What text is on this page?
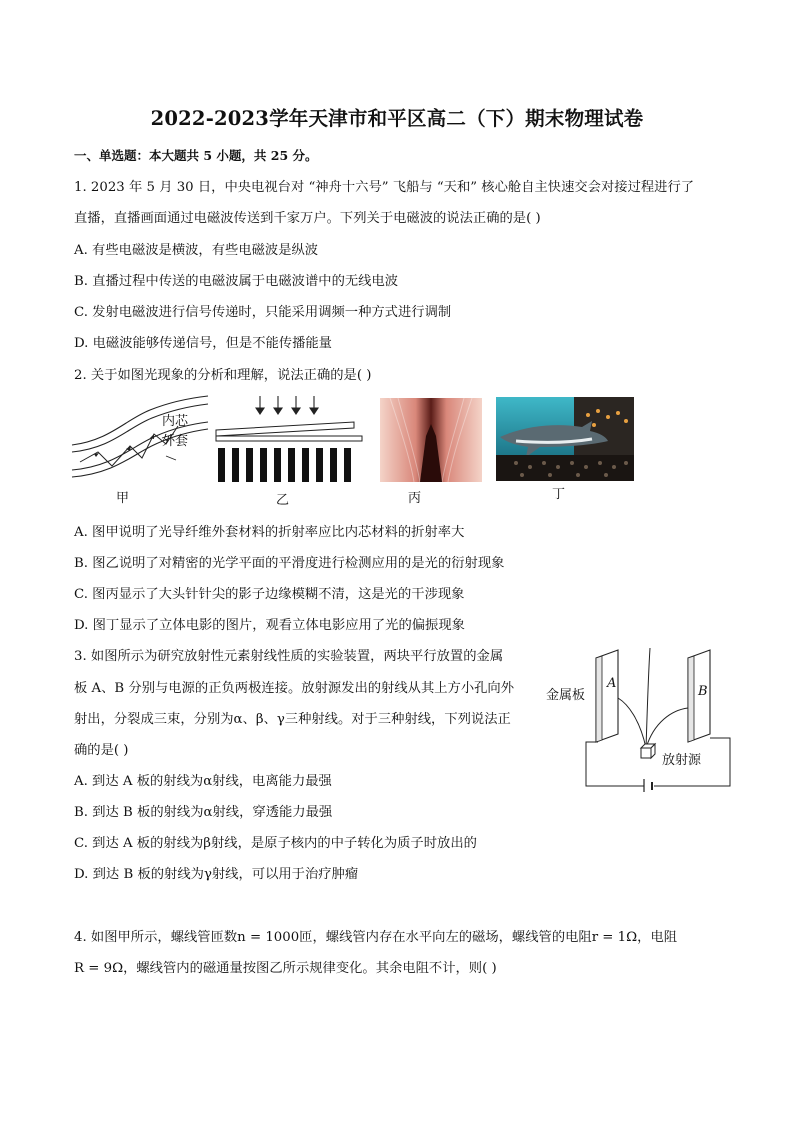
2022-2023学年天津市和平区高二（下）期末物理试卷
一、单选题：本大题共 5 小题，共 25 分。
1. 2023 年 5 月 30 日，中央电视台对 “神舟十六号” 飞船与 “天和” 核心舱自主快速交会对接过程进行了
直播，直播画面通过电磁波传送到千家万户。下列关于电磁波的说法正确的是( )
A. 有些电磁波是横波，有些电磁波是纵波
B. 直播过程中传送的电磁波属于电磁波谱中的无线电波
C. 发射电磁波进行信号传递时，只能采用调频一种方式进行调制
D. 电磁波能够传递信号，但是不能传播能量
2. 关于如图光现象的分析和理解，说法正确的是( )
内芯
外套
甲	乙	丙	丁
A. 图甲说明了光导纤维外套材料的折射率应比内芯材料的折射率大
B. 图乙说明了对精密的光学平面的平滑度进行检测应用的是光的衍射现象
C. 图丙显示了大头针针尖的影子边缘模糊不清，这是光的干涉现象
D. 图丁显示了立体电影的图片，观看立体电影应用了光的偏振现象
3. 如图所示为研究放射性元素射线性质的实验装置，两块平行放置的金属
板 A、B 分别与电源的正负两极连接。放射源发出的射线从其上方小孔向外
射出，分裂成三束，分别为α、β、γ三种射线。对于三种射线，下列说法正
确的是( )
金属板
A
B
放射源
A. 到达 A 板的射线为α射线，电离能力最强
B. 到达 B 板的射线为α射线，穿透能力最强
C. 到达 A 板的射线为β射线，是原子核内的中子转化为质子时放出的
D. 到达 B 板的射线为γ射线，可以用于治疗肿瘤
4. 如图甲所示，螺线管匝数n = 1000匝，螺线管内存在水平向左的磁场，螺线管的电阻r = 1Ω，电阻
R = 9Ω，螺线管内的磁通量按图乙所示规律变化。其余电阻不计，则( )
